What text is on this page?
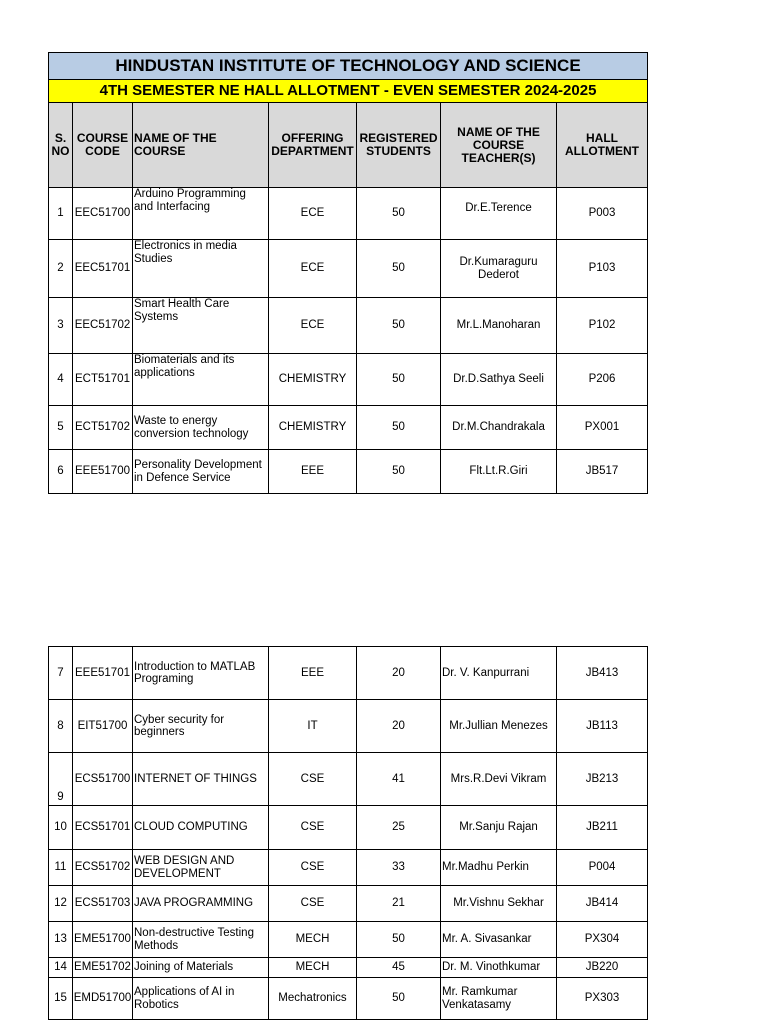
HINDUSTAN INSTITUTE OF TECHNOLOGY AND SCIENCE						
4TH SEMESTER NE HALL ALLOTMENT - EVEN SEMESTER 2024-2025						
S. NO	COURSE CODE	NAME OF THE COURSE	OFFERING DEPARTMENT	REGISTERED STUDENTS	NAME OF THE COURSE TEACHER(S)	HALL ALLOTMENT
1	EEC51700	Arduino Programming and Interfacing	ECE	50	Dr.E.Terence	P003
2	EEC51701	Electronics in media Studies	ECE	50	Dr.Kumaraguru Dederot	P103
3	EEC51702	Smart Health Care Systems	ECE	50	Mr.L.Manoharan	P102
4	ECT51701	Biomaterials and its applications	CHEMISTRY	50	Dr.D.Sathya Seeli	P206
5	ECT51702	Waste to energy conversion technology	CHEMISTRY	50	Dr.M.Chandrakala	PX001
6	EEE51700	Personality Development in Defence Service	EEE	50	Flt.Lt.R.Giri	JB517
7	EEE51701	Introduction to MATLAB Programing	EEE	20	Dr. V. Kanpurrani	JB413
8	EIT51700	Cyber security for beginners	IT	20	Mr.Jullian Menezes	JB113
9	ECS51700	INTERNET OF THINGS	CSE	41	Mrs.R.Devi Vikram	JB213
10	ECS51701	CLOUD COMPUTING	CSE	25	Mr.Sanju Rajan	JB211
11	ECS51702	WEB DESIGN AND DEVELOPMENT	CSE	33	Mr.Madhu Perkin	P004
12	ECS51703	JAVA PROGRAMMING	CSE	21	Mr.Vishnu Sekhar	JB414
13	EME51700	Non-destructive Testing Methods	MECH	50	Mr. A. Sivasankar	PX304
14	EME51702	Joining of Materials	MECH	45	Dr. M. Vinothkumar	JB220
15	EMD51700	Applications of AI in Robotics	Mechatronics	50	Mr. Ramkumar Venkatasamy	PX303
